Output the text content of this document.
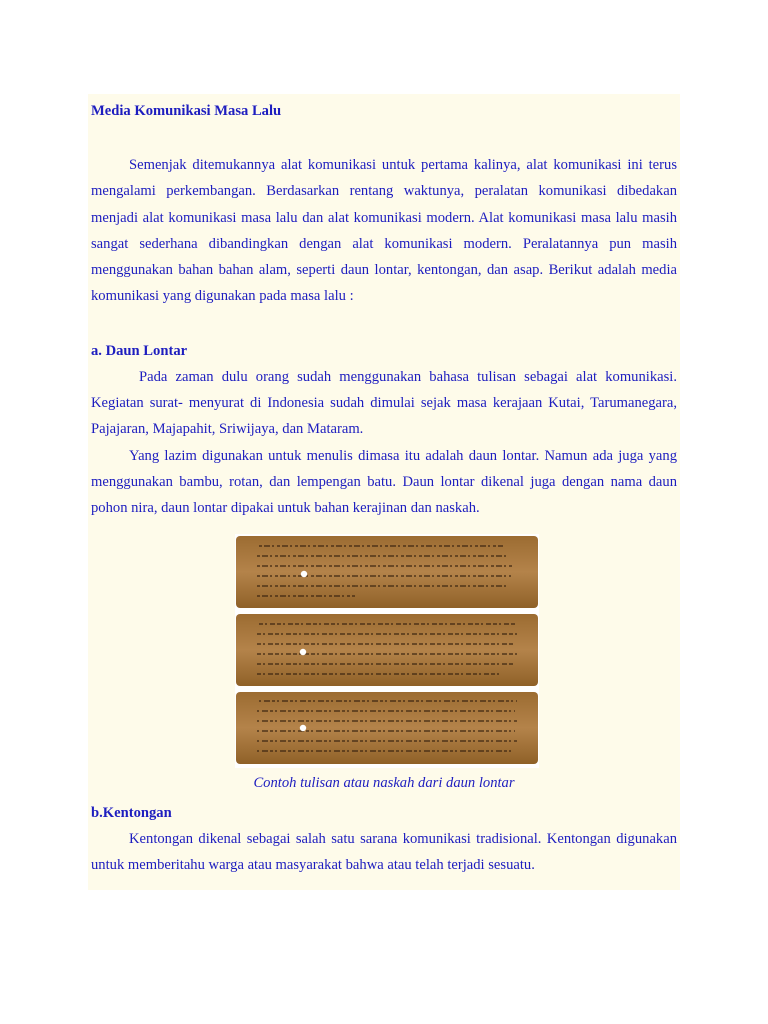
Media Komunikasi Masa Lalu

Semenjak ditemukannya alat komunikasi untuk pertama kalinya, alat komunikasi ini terus mengalami perkembangan. Berdasarkan rentang waktunya, peralatan komunikasi dibedakan menjadi alat komunikasi masa lalu dan alat komunikasi modern. Alat komunikasi masa lalu masih sangat sederhana dibandingkan dengan alat komunikasi modern. Peralatannya pun masih menggunakan bahan bahan alam, seperti daun lontar, kentongan, dan asap. Berikut adalah media komunikasi yang digunakan pada masa lalu :

a. Daun Lontar

Pada zaman dulu orang sudah menggunakan bahasa tulisan sebagai alat komunikasi. Kegiatan surat- menyurat di Indonesia sudah dimulai sejak masa kerajaan Kutai, Tarumanegara, Pajajaran, Majapahit, Sriwijaya, dan Mataram.

Yang lazim digunakan untuk menulis dimasa itu adalah daun lontar. Namun ada juga yang menggunakan bambu, rotan, dan lempengan batu. Daun lontar dikenal juga dengan nama daun pohon nira, daun lontar dipakai untuk bahan kerajinan dan naskah.

Contoh tulisan atau naskah dari daun lontar
b.Kentongan

Kentongan dikenal sebagai salah satu sarana komunikasi tradisional. Kentongan digunakan untuk memberitahu warga atau masyarakat bahwa atau telah terjadi sesuatu.
